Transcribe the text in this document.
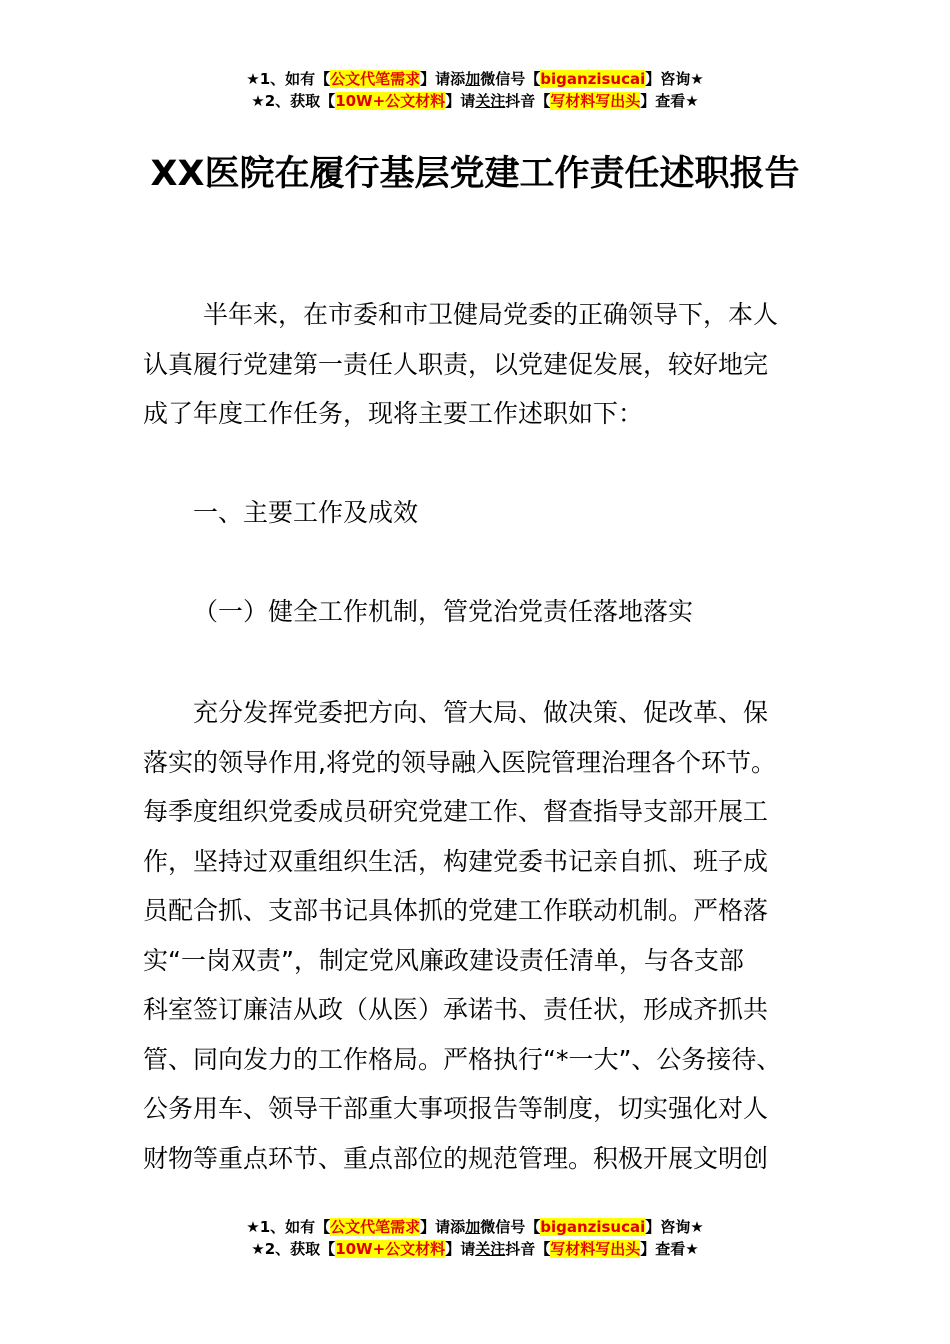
★1、如有【公文代笔需求】请添加微信号【biganzisucai】咨询★
★2、获取【10W+公文材料】请关注抖音【写材料写出头】查看★
XX医院在履行基层党建工作责任述职报告
半年来，在市委和市卫健局党委的正确领导下，本人
认真履行党建第一责任人职责，以党建促发展，较好地完
成了年度工作任务，现将主要工作述职如下：
一、主要工作及成效
（一）健全工作机制，管党治党责任落地落实
充分发挥党委把方向、管大局、做决策、促改革、保
落实的领导作用,将党的领导融入医院管理治理各个环节。
每季度组织党委成员研究党建工作、督查指导支部开展工
作，坚持过双重组织生活，构建党委书记亲自抓、班子成
员配合抓、支部书记具体抓的党建工作联动机制。严格落
实“一岗双责”，制定党风廉政建设责任清单，与各支部
科室签订廉洁从政（从医）承诺书、责任状，形成齐抓共
管、同向发力的工作格局。严格执行“*一大”、公务接待、
公务用车、领导干部重大事项报告等制度，切实强化对人
财物等重点环节、重点部位的规范管理。积极开展文明创
★1、如有【公文代笔需求】请添加微信号【biganzisucai】咨询★
★2、获取【10W+公文材料】请关注抖音【写材料写出头】查看★
